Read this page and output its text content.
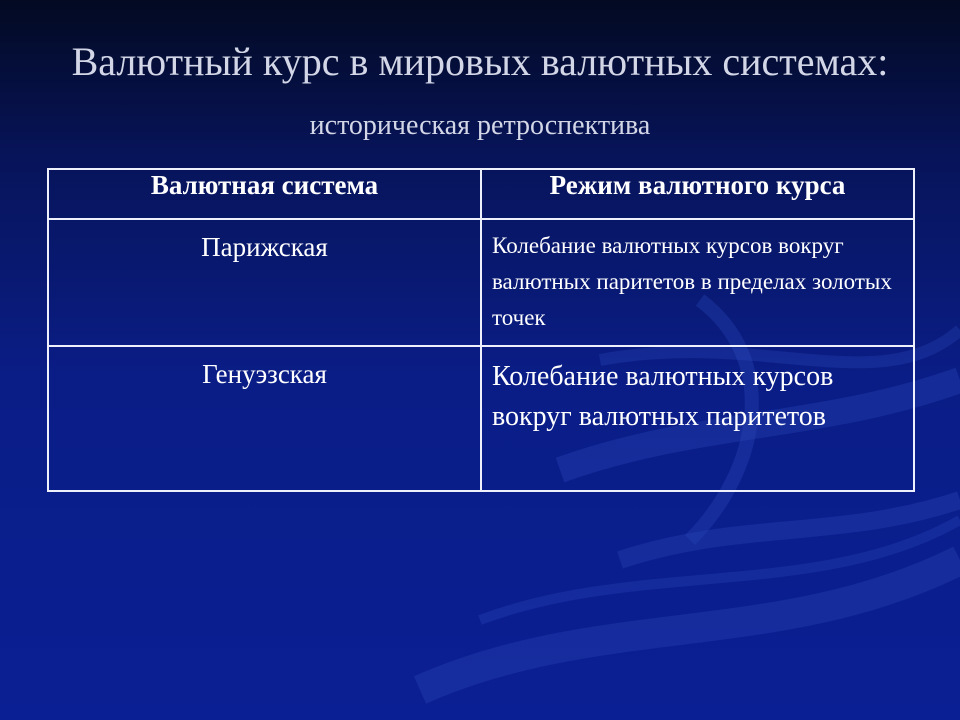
Валютный курс в мировых валютных системах:
историческая ретроспектива
Валютная система	Режим валютного курса
Парижская	Колебание валютных курсов вокруг валютных паритетов в пределах золотых точек
Генуэзская	Колебание валютных курсов вокруг валютных паритетов
